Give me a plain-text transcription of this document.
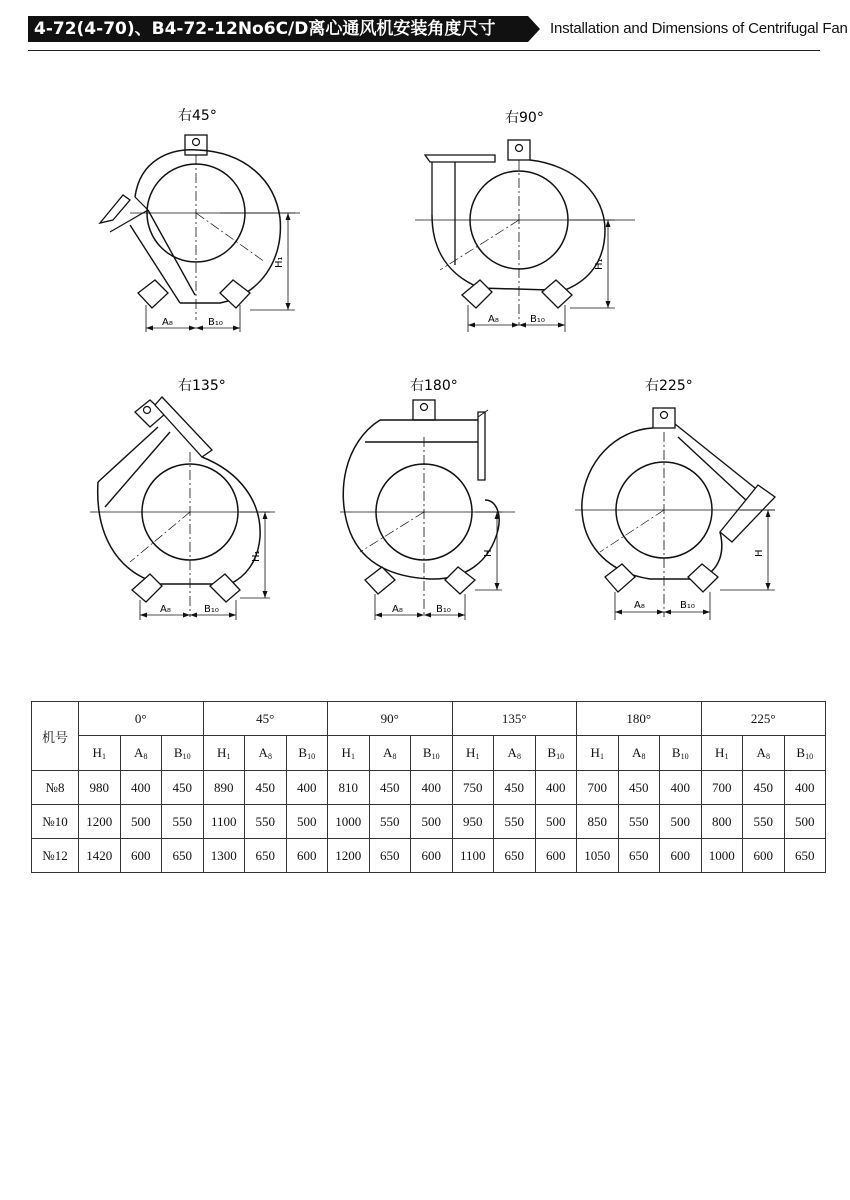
4-72(4-70)、B4-72-12No6C/D离心通风机安装角度尺寸	Installation and Dimensions of Centrifugal Fan
右45°
H₁
A₈	B₁₀
右90°
H₁
A₈	B₁₀
右135°
H₁
A₈	B₁₀
右180°
H
A₈	B₁₀
右225°
H
A₈	B₁₀
机号	0°			45°			90°			135°			180°			225°		
	$H_1$	$A_8$	$B_{10}$	$H_1$	$A_8$	$B_{10}$	$H_1$	$A_8$	$B_{10}$	$H_1$	$A_8$	$B_{10}$	$H_1$	$A_8$	$B_{10}$	$H_1$	$A_8$	$B_{10}$
№8	980	400	450	890	450	400	810	450	400	750	450	400	700	450	400	700	450	400
№10	1200	500	550	1100	550	500	1000	550	500	950	550	500	850	550	500	800	550	500
№12	1420	600	650	1300	650	600	1200	650	600	1100	650	600	1050	650	600	1000	600	650
